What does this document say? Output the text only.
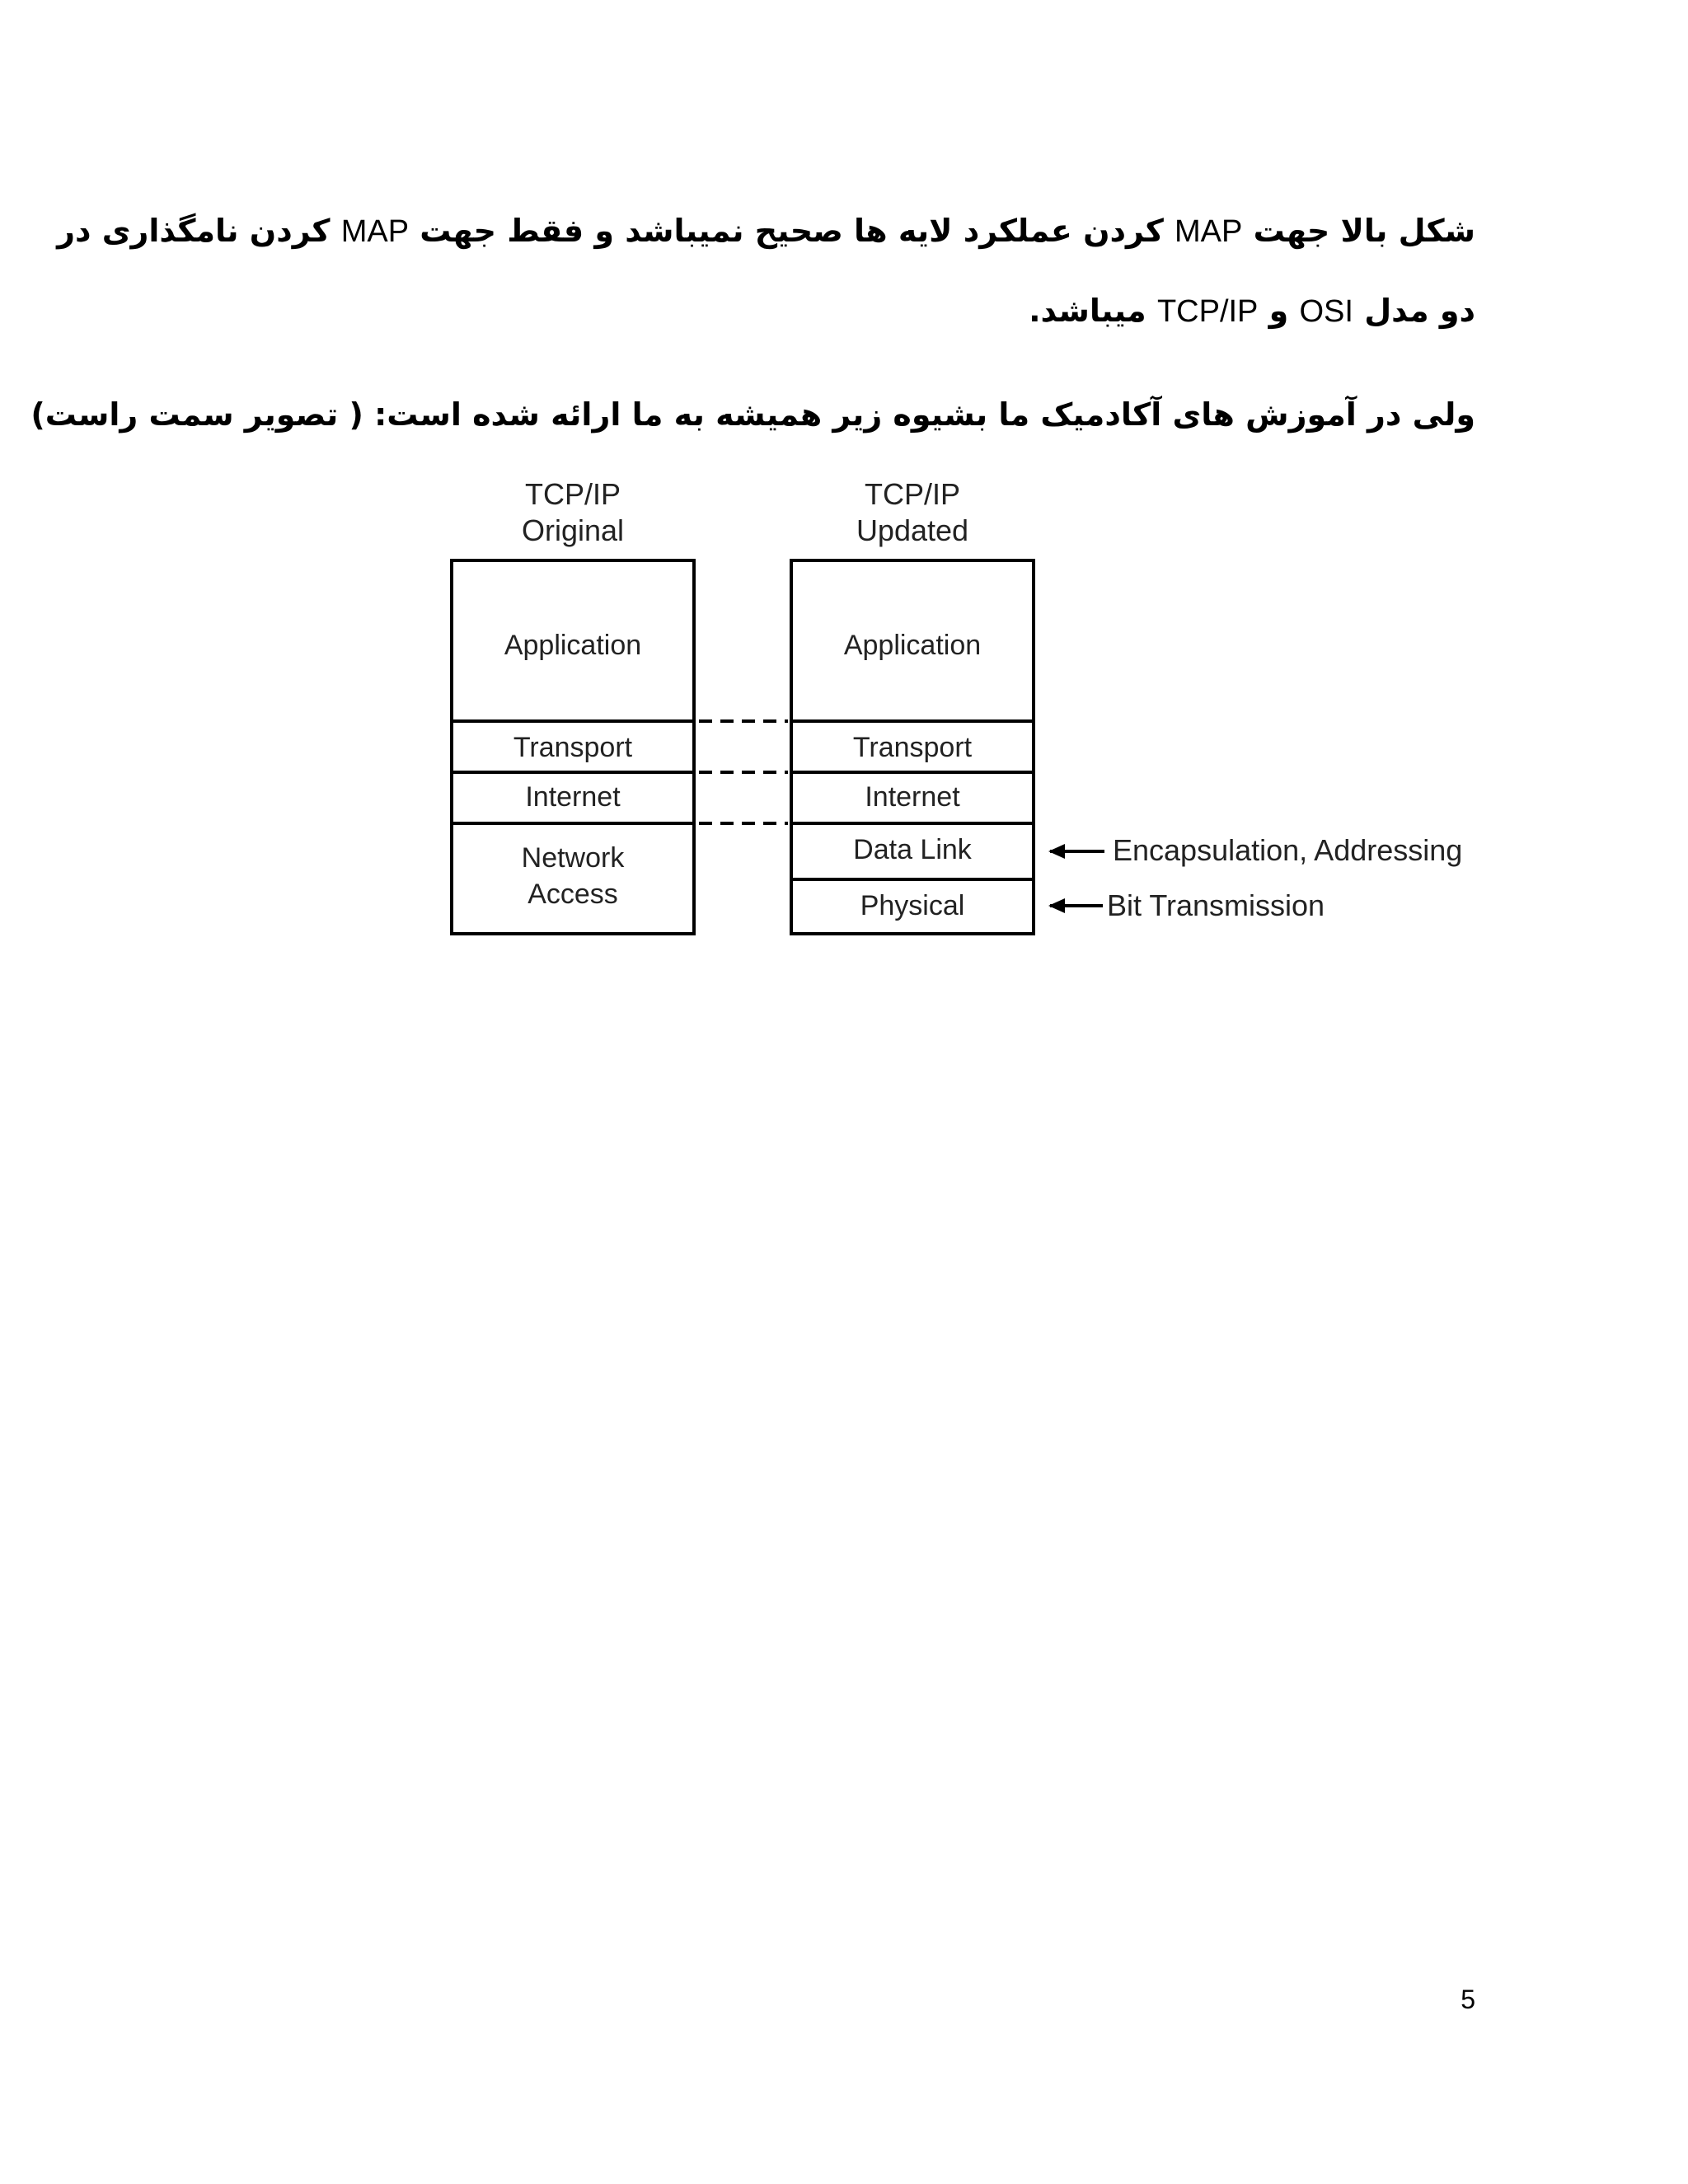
شکل بالا جهت MAP کردن عملکرد لایه ها صحیح نمیباشد و فقط جهت MAP کردن نامگذاری در
دو مدل OSI و TCP/IP میباشد.
ولی در آموزش های آکادمیک ما بشیوه زیر همیشه به ما ارائه شده است: ( تصویر سمت راست)
TCP/IP
Original
TCP/IP
Updated
Application
Transport
Internet
Network
Access
Application
Transport
Internet
Data Link
Physical
Encapsulation, Addressing
Bit Transmission
5
